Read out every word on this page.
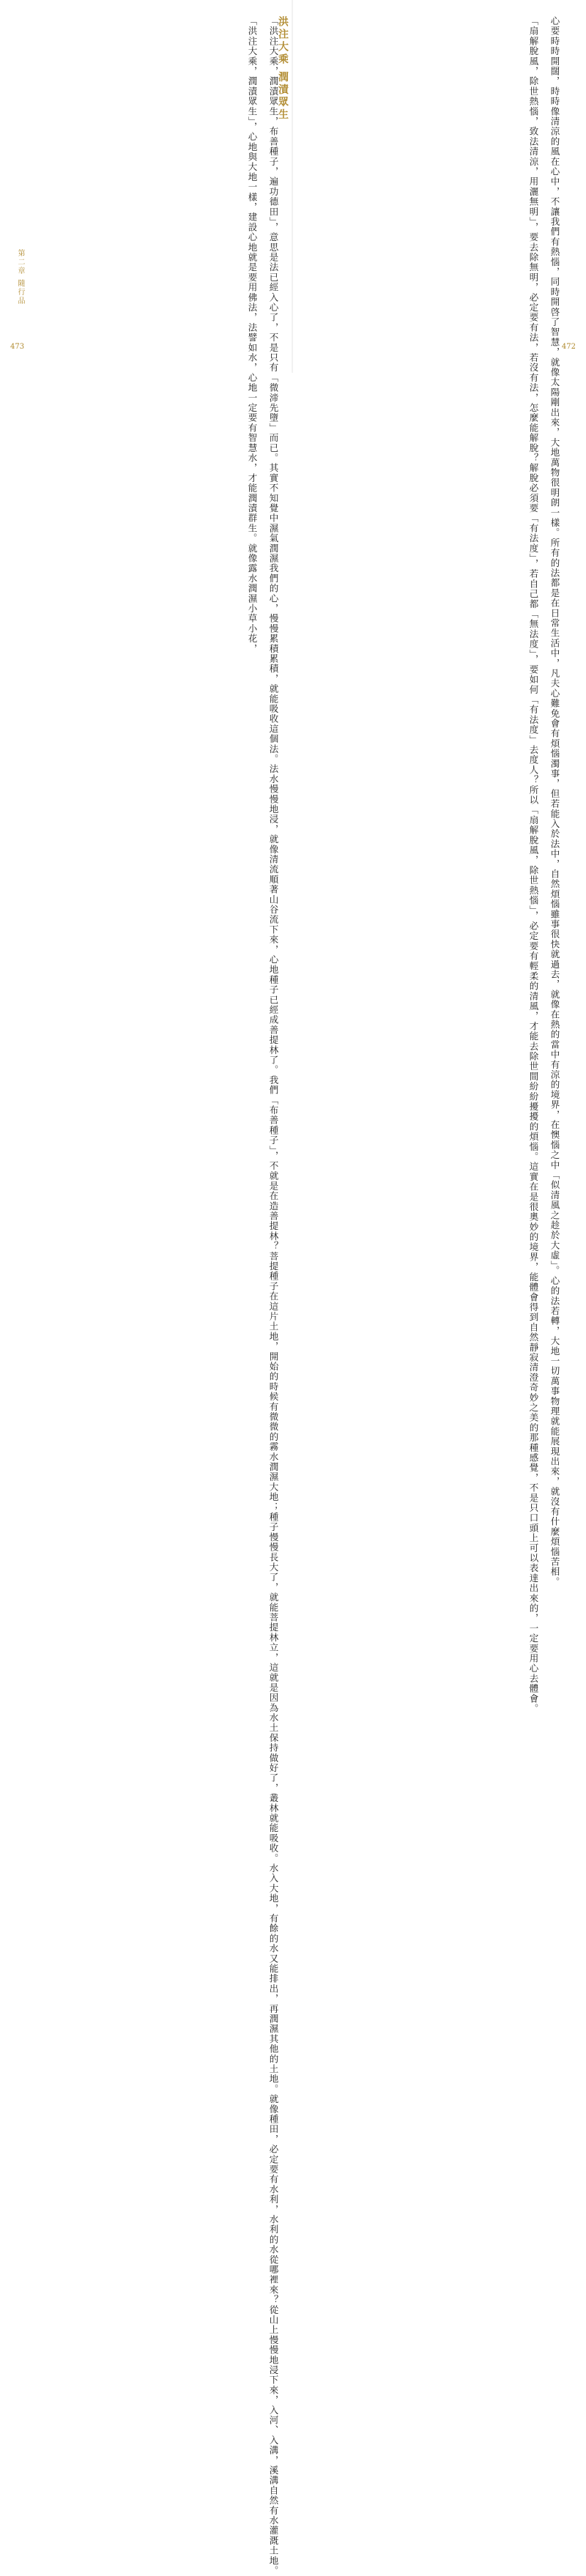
「洪注大乘，潤漬眾生，布善種子，遍功德田」，意思是法已經入心了，不是只有「微渧先墮」而已。其實不知覺中濕氣潤濕我們的心，慢慢累積累積，就能吸收這個法。法水慢慢地浸，就像清流順著山谷流下來，心地種子已經成善提林了。我們「布善種子」，不就是在造善提林？菩提種子在這片土地，開始的時候有微微的霧水潤濕大地；種子慢慢長大了，就能菩提林立，這就是因為水土保持做好了，叢林就能吸收。水入大地，有餘的水又能排出，再潤濕其他的土地。就像種田，必定要有水利，水利的水從哪裡來？從山上慢慢地浸下來，入河、入溝，溪溝自然有水灌溉土地。

「洪注大乘，潤漬眾生」，心地與大地一樣，建設心地就是要用佛法，法譬如水，心地一定要有智慧水，才能潤漬群生。就像露水潤濕小草小花， 洪注大乘 潤漬眾生
第二章 隨行品
473	心要時時開闊，時時像清涼的風在心中，不讓我們有熱惱，同時開啓了智慧，就像太陽剛出來，大地萬物很明朗一樣。所有的法都是在日常生活中，凡夫心難免會有煩惱濁事，但若能入於法中，自然煩惱雖事很快就過去，就像在熱的當中有涼的境界，在懊惱之中「似清風之趁於大虛」。心的法若轉，大地一切萬事物理就能展現出來，就沒有什麼煩惱苦相。

「扇解脫風，除世熱惱，致法清涼，用灑無明」，要去除無明，必定要有法，若沒有法，怎麼能解脫？解脫必須要「有法度」，若自己都「無法度」，要如何「有法度」去度人？所以「扇解脫風，除世熱惱」，必定要有輕柔的清風，才能去除世間紛紛擾擾的煩惱。這實在是很奧妙的境界，能體會得到自然靜寂清澄奇妙之美的那種感覺，不是只口頭上可以表達出來的，一定要用心去體會。	472
